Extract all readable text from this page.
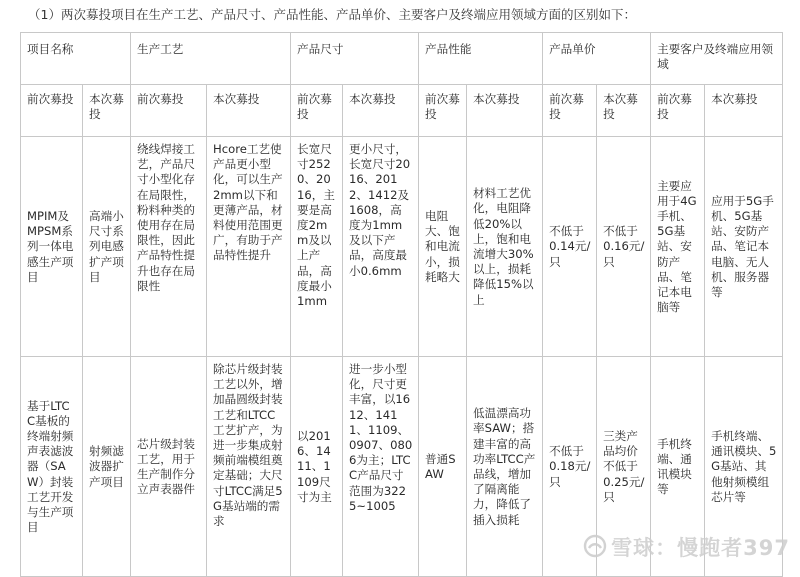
（1）两次募投项目在生产工艺、产品尺寸、产品性能、产品单价、主要客户及终端应用领域方面的区别如下：
项目名称		生产工艺		产品尺寸		产品性能		产品单价		主要客户及终端应用领域	
前次募投	本次募投	前次募投	本次募投	前次募投	本次募投	前次募投	本次募投	前次募投	本次募投	前次募投	本次募投
MPIM及MPSM系列一体电感生产项目	高端小尺寸系列电感扩产项目	绕线焊接工艺，产品尺寸小型化存在局限性，粉料种类的使用存在局限性，因此产品特性提升也存在局限性	Hcore工艺使产品更小型化，可以生产2mm以下和更薄产品，材料使用范围更广，有助于产品特性提升	长宽尺寸2520、2016，主要是高度2mm及以上产品，高度最小1mm	更小尺寸，长宽尺寸2016、2012、1412及1608，高度为1mm及以下产品，高度最小0.6mm	电阻大、饱和电流小，损耗略大	材料工艺优化，电阻降低20%以上，饱和电流增大30%以上，损耗降低15%以上	不低于0.14元/只	不低于0.16元/只	主要应用于4G手机、5G基站、安防产品、笔记本电脑等	应用于5G手机、5G基站、安防产品、笔记本电脑、无人机、服务器等
基于LTCC基板的终端射频声表滤波器（SAW）封装工艺开发与生产项目	射频滤波器扩产项目	芯片级封装工艺，用于生产制作分立声表器件	除芯片级封装工艺以外，增加晶圆级封装工艺和LTCC工艺扩产，为进一步集成射频前端模组奠定基础；大尺寸LTCC满足5G基站端的需求	以2016、1411、1109尺寸为主	进一步小型化，尺寸更丰富，以1612、1411、1109、0907、0806为主；LTCC产品尺寸范围为3225~1005	普通SAW	低温漂高功率SAW；搭建丰富的高功率LTCC产品线，增加了隔离能力，降低了插入损耗	不低于0.18元/只	三类产品均价不低于0.25元/只	手机终端、通讯模块等	手机终端、通讯模块、5G基站、其他射频模组芯片等
雪球：慢跑者397
